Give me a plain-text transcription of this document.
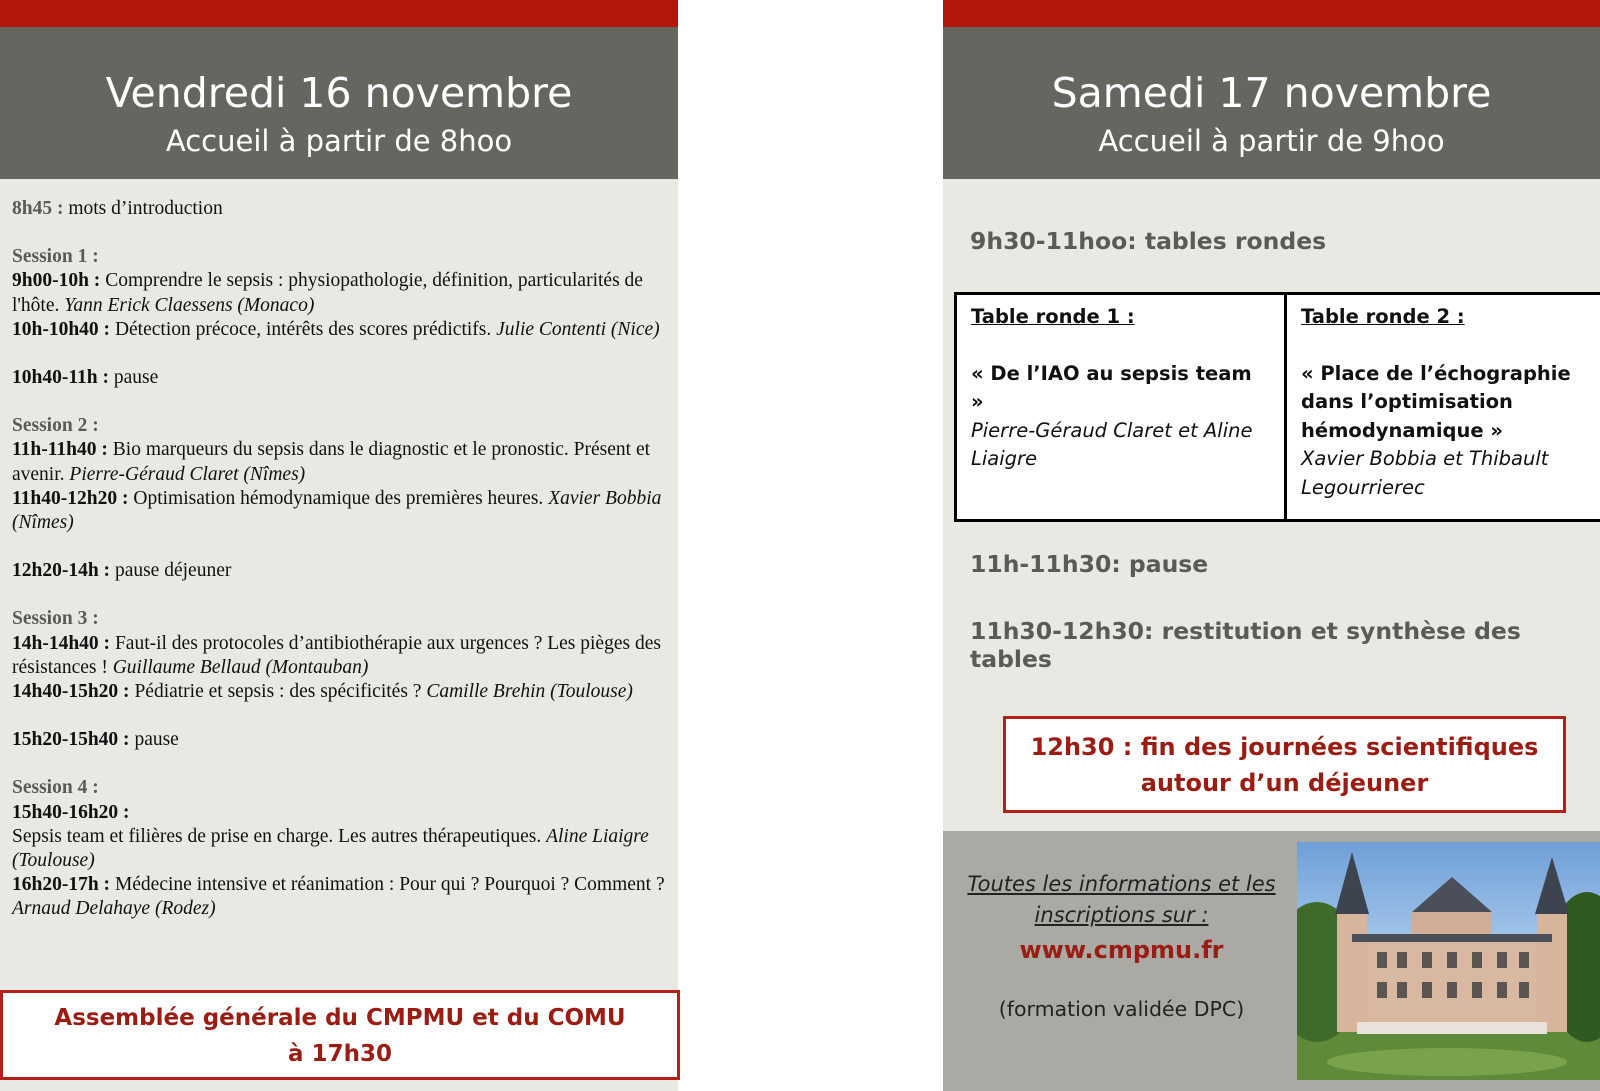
Vendredi 16 novembre
Accueil à partir de 8hoo

8h45 : mots d’introduction

Session 1 :

9h00-10h : Comprendre le sepsis : physiopathologie, définition, particularités de l'hôte. Yann Erick Claessens (Monaco)

10h-10h40 : Détection précoce, intérêts des scores prédictifs. Julie Contenti (Nice)

10h40-11h : pause

Session 2 :

11h-11h40 : Bio marqueurs du sepsis dans le diagnostic et le pronostic. Présent et avenir. Pierre-Géraud Claret (Nîmes)

11h40-12h20 : Optimisation hémodynamique des premières heures. Xavier Bobbia (Nîmes)

12h20-14h : pause déjeuner

Session 3 :

14h-14h40 : Faut-il des protocoles d’antibiothérapie aux urgences ? Les pièges des résistances ! Guillaume Bellaud (Montauban)

14h40-15h20 : Pédiatrie et sepsis : des spécificités ? Camille Brehin (Toulouse)

15h20-15h40 : pause

Session 4 :

15h40-16h20 :

Sepsis team et filières de prise en charge. Les autres thérapeutiques. Aline Liaigre (Toulouse)

16h20-17h : Médecine intensive et réanimation : Pour qui ? Pourquoi ? Comment ? Arnaud Delahaye (Rodez)

Assemblée générale du CMPMU et du COMU
à 17h30
Samedi 17 novembre
Accueil à partir de 9hoo
9h30-11hoo: tables rondes
Table ronde 1 :
« De l’IAO au sepsis team »
Pierre-Géraud Claret et Aline Liaigre
Table ronde 2 :
« Place de l’échographie dans l’optimisation hémodynamique »
Xavier Bobbia et Thibault Legourrierec
11h-11h30: pause
11h30-12h30: restitution et synthèse des tables
12h30 : fin des journées scientifiques
autour d’un déjeuner
Toutes les informations et les
inscriptions sur :
www.cmpmu.fr
(formation validée DPC)
